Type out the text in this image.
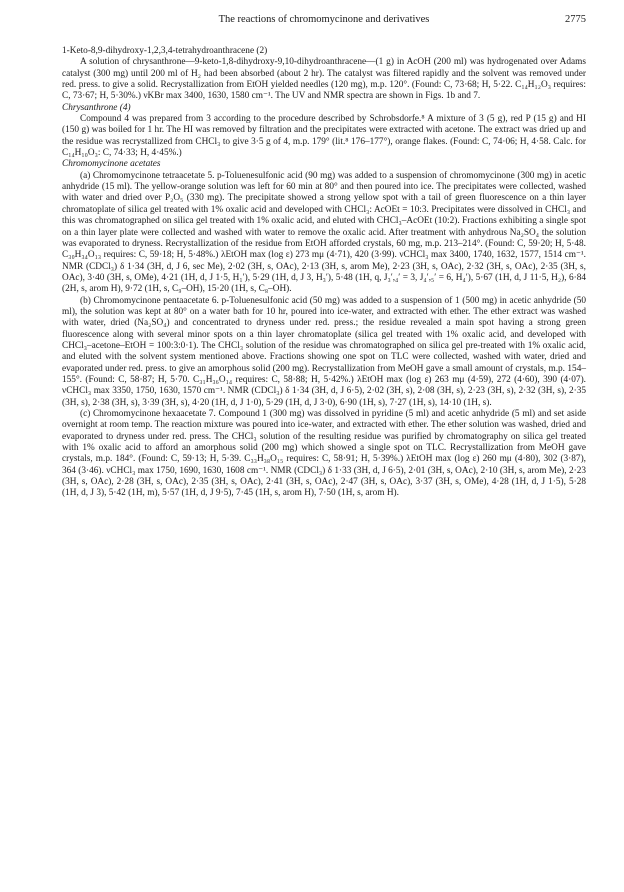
The reactions of chromomycinone and derivatives	2775

1-Keto-8,9-dihydroxy-1,2,3,4-tetrahydroanthracene (2)

A solution of chrysanthrone—9-keto-1,8-dihydroxy-9,10-dihydroanthracene—(1 g) in AcOH (200 ml) was hydrogenated over Adams catalyst (300 mg) until 200 ml of H₂ had been absorbed (about 2 hr). The catalyst was filtered rapidly and the solvent was removed under red. press. to give a solid. Recrystallization from EtOH yielded needles (120 mg), m.p. 120°. (Found: C, 73·68; H, 5·22. C₁₄H₁₂O₃ requires: C, 73·67; H, 5·30%.) νKBr max 3400, 1630, 1580 cm⁻¹. The UV and NMR spectra are shown in Figs. 1b and 7.

Chrysanthrone (4)

Compound 4 was prepared from 3 according to the procedure described by Schrobsdorfe.⁸ A mixture of 3 (5 g), red P (15 g) and HI (150 g) was boiled for 1 hr. The HI was removed by filtration and the precipitates were extracted with acetone. The extract was dried up and the residue was recrystallized from CHCl₃ to give 3·5 g of 4, m.p. 179° (lit.⁸ 176–177°), orange flakes. (Found: C, 74·06; H, 4·58. Calc. for C₁₄H₁₀O₃: C, 74·33; H, 4·45%.)

Chromomycinone acetates

(a) Chromomycinone tetraacetate 5. p-Toluenesulfonic acid (90 mg) was added to a suspension of chromomycinone (300 mg) in acetic anhydride (15 ml). The yellow-orange solution was left for 60 min at 80° and then poured into ice. The precipitates were collected, washed with water and dried over P₂O₅ (330 mg). The precipitate showed a strong yellow spot with a tail of green fluorescence on a thin layer chromatoplate of silica gel treated with 1% oxalic acid and developed with CHCl₃: AcOEt = 10:3. Precipitates were dissolved in CHCl₃ and this was chromatographed on silica gel treated with 1% oxalic acid, and eluted with CHCl₃–AcOEt (10:2). Fractions exhibiting a single spot on a thin layer plate were collected and washed with water to remove the oxalic acid. After treatment with anhydrous Na₂SO₄ the solution was evaporated to dryness. Recrystallization of the residue from EtOH afforded crystals, 60 mg, m.p. 213–214°. (Found: C, 59·20; H, 5·48. C₃₀H₃₄O₁₃ requires: C, 59·18; H, 5·48%.) λEtOH max (log ε) 273 mμ (4·71), 420 (3·99). νCHCl₃ max 3400, 1740, 1632, 1577, 1514 cm⁻¹. NMR (CDCl₃) δ 1·34 (3H, d, J 6, sec Me), 2·02 (3H, s, OAc), 2·13 (3H, s, arom Me), 2·23 (3H, s, OAc), 2·32 (3H, s, OAc), 2·35 (3H, s, OAc), 3·40 (3H, s, OMe), 4·21 (1H, d, J 1·5, H₁′), 5·29 (1H, d, J 3, H₃′), 5·48 (1H, q, J₃′,₄′ = 3, J₄′,₅′ = 6, H₄′), 5·67 (1H, d, J 11·5, H₂), 6·84 (2H, s, arom H), 9·72 (1H, s, C₉–OH), 15·20 (1H, s, C₈–OH).

(b) Chromomycinone pentaacetate 6. p-Toluenesulfonic acid (50 mg) was added to a suspension of 1 (500 mg) in acetic anhydride (50 ml), the solution was kept at 80° on a water bath for 10 hr, poured into ice-water, and extracted with ether. The ether extract was washed with water, dried (Na₂SO₄) and concentrated to dryness under red. press.; the residue revealed a main spot having a strong green fluorescence along with several minor spots on a thin layer chromatoplate (silica gel treated with 1% oxalic acid, and developed with CHCl₃–acetone–EtOH = 100:3:0·1). The CHCl₃ solution of the residue was chromatographed on silica gel pre-treated with 1% oxalic acid, and eluted with the solvent system mentioned above. Fractions showing one spot on TLC were collected, washed with water, dried and evaporated under red. press. to give an amorphous solid (200 mg). Recrystallization from MeOH gave a small amount of crystals, m.p. 154–155°. (Found: C, 58·87; H, 5·70. C₃₁H₃₆O₁₄ requires: C, 58·88; H, 5·42%.) λEtOH max (log ε) 263 mμ (4·59), 272 (4·60), 390 (4·07). νCHCl₃ max 3350, 1750, 1630, 1570 cm⁻¹. NMR (CDCl₃) δ 1·34 (3H, d, J 6·5), 2·02 (3H, s), 2·08 (3H, s), 2·23 (3H, s), 2·32 (3H, s), 2·35 (3H, s), 2·38 (3H, s), 3·39 (3H, s), 4·20 (1H, d, J 1·0), 5·29 (1H, d, J 3·0), 6·90 (1H, s), 7·27 (1H, s), 14·10 (1H, s).

(c) Chromomycinone hexaacetate 7. Compound 1 (300 mg) was dissolved in pyridine (5 ml) and acetic anhydride (5 ml) and set aside overnight at room temp. The reaction mixture was poured into ice-water, and extracted with ether. The ether solution was washed, dried and evaporated to dryness under red. press. The CHCl₃ solution of the resulting residue was purified by chromatography on silica gel treated with 1% oxalic acid to afford an amorphous solid (200 mg) which showed a single spot on TLC. Recrystallization from MeOH gave crystals, m.p. 184°. (Found: C, 59·13; H, 5·39. C₃₃H₃₈O₁₅ requires: C, 58·91; H, 5·39%.) λEtOH max (log ε) 260 mμ (4·80), 302 (3·87), 364 (3·46). νCHCl₃ max 1750, 1690, 1630, 1608 cm⁻¹. NMR (CDCl₃) δ 1·33 (3H, d, J 6·5), 2·01 (3H, s, OAc), 2·10 (3H, s, arom Me), 2·23 (3H, s, OAc), 2·28 (3H, s, OAc), 2·35 (3H, s, OAc), 2·41 (3H, s, OAc), 2·47 (3H, s, OAc), 3·37 (3H, s, OMe), 4·28 (1H, d, J 1·5), 5·28 (1H, d, J 3), 5·42 (1H, m), 5·57 (1H, d, J 9·5), 7·45 (1H, s, arom H), 7·50 (1H, s, arom H).
